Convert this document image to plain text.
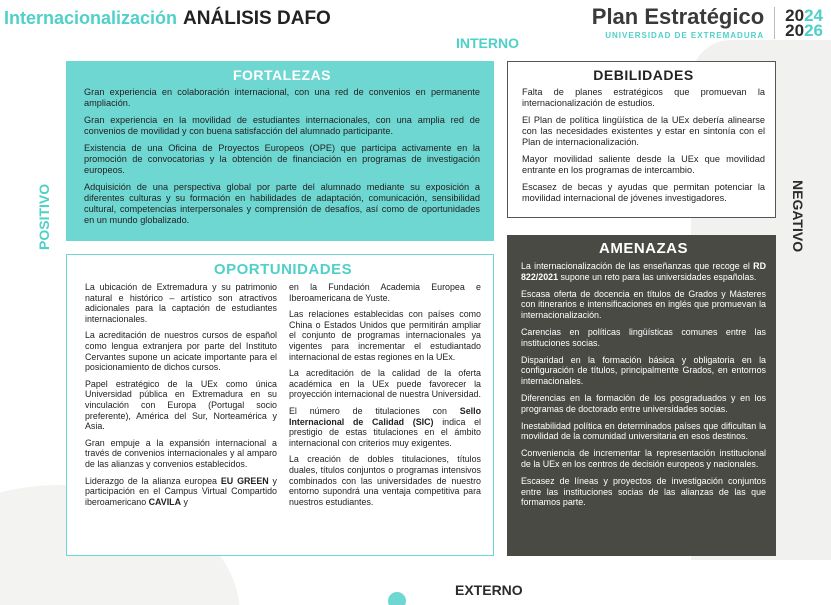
Internacionalización ANÁLISIS DAFO	Plan Estratégico
UNIVERSIDAD DE EXTREMADURA
2024
2026
INTERNO
EXTERNO
POSITIVO	NEGATIVO
FORTALEZAS

Gran experiencia en colaboración internacional, con una red de convenios en permanente ampliación.

Gran experiencia en la movilidad de estudiantes internacionales, con una amplia red de convenios de movilidad y con buena satisfacción del alumnado participante.

Existencia de una Oficina de Proyectos Europeos (OPE) que participa activamente en la promoción de convocatorias y la obtención de financiación en programas de investigación europeos.

Adquisición de una perspectiva global por parte del alumnado mediante su exposición a diferentes culturas y su formación en habilidades de adaptación, comunicación, sensibilidad cultural, competencias interpersonales y comprensión de desafíos, así como de oportunidades en un mundo globalizado.

DEBILIDADES

Falta de planes estratégicos que promuevan la internacionalización de estudios.

El Plan de política lingüística de la UEx debería alinearse con las necesidades existentes y estar en sintonía con el Plan de internacionalización.

Mayor movilidad saliente desde la UEx que movilidad entrante en los programas de intercambio.

Escasez de becas y ayudas que permitan potenciar la movilidad internacional de jóvenes investigadores.

OPORTUNIDADES

La ubicación de Extremadura y su patrimonio natural e histórico – artístico son atractivos adicionales para la captación de estudiantes internacionales.

La acreditación de nuestros cursos de español como lengua extranjera por parte del Instituto Cervantes supone un acicate importante para el posicionamiento de dichos cursos.

Papel estratégico de la UEx como única Universidad pública en Extremadura en su vinculación con Europa (Portugal socio preferente), América del Sur, Norteamérica y Asia.

Gran empuje a la expansión internacional a través de convenios internacionales y al amparo de las alianzas y convenios establecidos.

Liderazgo de la alianza europea EU GREEN y participación en el Campus Virtual Compartido iberoamericano CAVILA y

en la Fundación Academia Europea e Iberoamericana de Yuste.

Las relaciones establecidas con países como China o Estados Unidos que permitirán ampliar el conjunto de programas internacionales ya vigentes para incrementar el estudiantado internacional de estas regiones en la UEx.

La acreditación de la calidad de la oferta académica en la UEx puede favorecer la proyección internacional de nuestra Universidad.

El número de titulaciones con Sello Internacional de Calidad (SIC) indica el prestigio de estas titulaciones en el ámbito internacional con criterios muy exigentes.

La creación de dobles titulaciones, títulos duales, títulos conjuntos o programas intensivos combinados con las universidades de nuestro entorno supondrá una ventaja competitiva para nuestros estudiantes.

AMENAZAS

La internacionalización de las enseñanzas que recoge el RD 822/2021 supone un reto para las universidades españolas.

Escasa oferta de docencia en títulos de Grados y Másteres con itinerarios e intensificaciones en inglés que promuevan la internacionalización.

Carencias en políticas lingüísticas comunes entre las instituciones socias.

Disparidad en la formación básica y obligatoria en la configuración de títulos, principalmente Grados, en entornos internacionales.

Diferencias en la formación de los posgraduados y en los programas de doctorado entre universidades socias.

Inestabilidad política en determinados países que dificultan la movilidad de la comunidad universitaria en esos destinos.

Conveniencia de incrementar la representación institucional de la UEx en los centros de decisión europeos y nacionales.

Escasez de líneas y proyectos de investigación conjuntos entre las instituciones socias de las alianzas de las que formamos parte.
